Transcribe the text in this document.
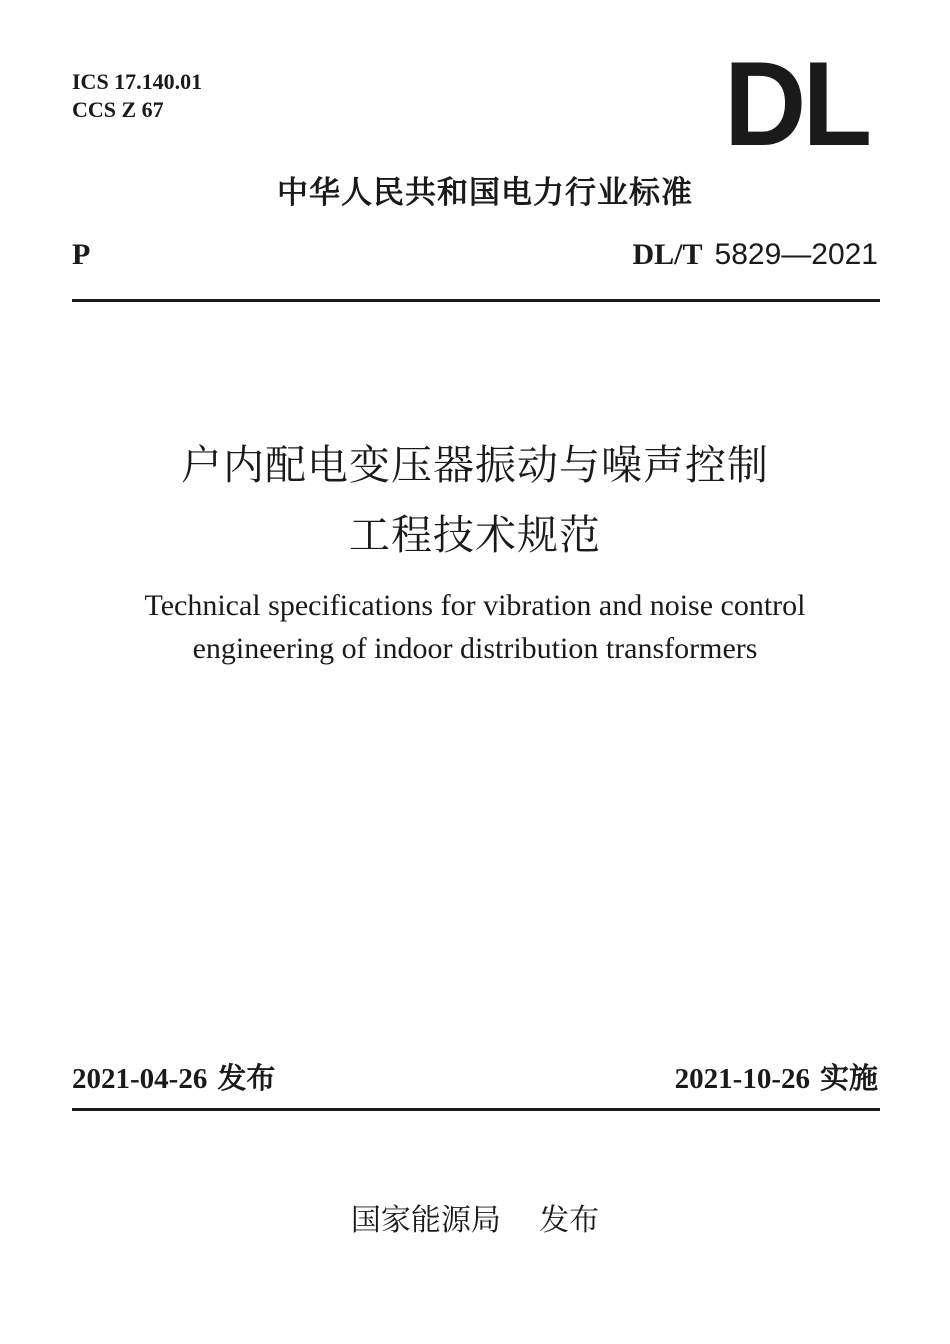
ICS 17.140.01
CCS Z 67	DL
中华人民共和国电力行业标准
P	DL/T 5829—2021
户内配电变压器振动与噪声控制
工程技术规范
Technical specifications for vibration and noise control
engineering of indoor distribution transformers
2021-04-26 发布	2021-10-26 实施
国家能源局 发布
